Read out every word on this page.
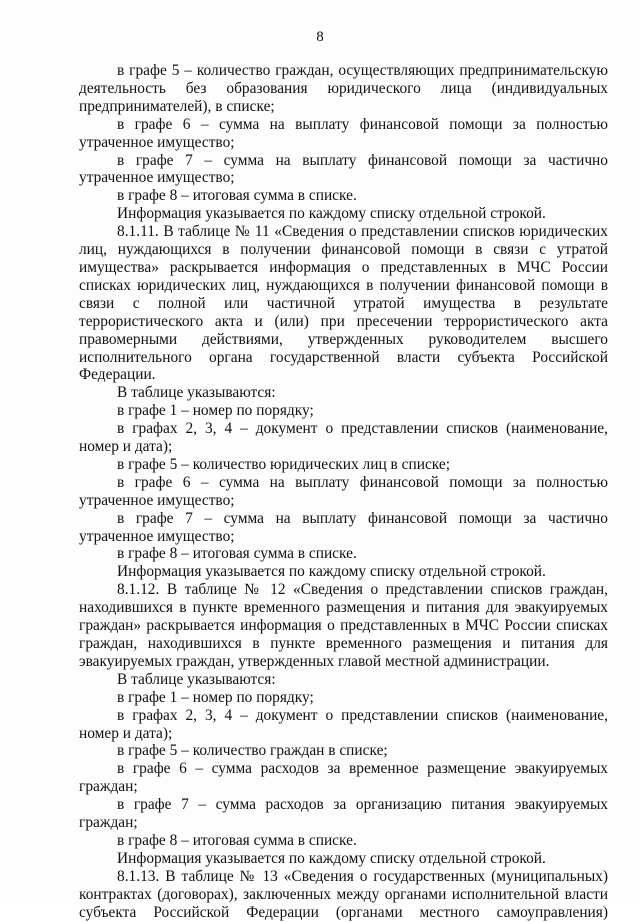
8

в графе 5 – количество граждан, осуществляющих предпринимательскую деятельность без образования юридического лица (индивидуальных предпринимателей), в списке;

в графе 6 – сумма на выплату финансовой помощи за полностью утраченное имущество;

в графе 7 – сумма на выплату финансовой помощи за частично утраченное имущество;

в графе 8 – итоговая сумма в списке.

Информация указывается по каждому списку отдельной строкой.

8.1.11. В таблице № 11 «Сведения о представлении списков юридических лиц, нуждающихся в получении финансовой помощи в связи с утратой имущества» раскрывается информация о представленных в МЧС России списках юридических лиц, нуждающихся в получении финансовой помощи в связи с полной или частичной утратой имущества в результате террористического акта и (или) при пресечении террористического акта правомерными действиями, утвержденных руководителем высшего исполнительного органа государственной власти субъекта Российской Федерации.

В таблице указываются:

в графе 1 – номер по порядку;

в графах 2, 3, 4 – документ о представлении списков (наименование, номер и дата);

в графе 5 – количество юридических лиц в списке;

в графе 6 – сумма на выплату финансовой помощи за полностью утраченное имущество;

в графе 7 – сумма на выплату финансовой помощи за частично утраченное имущество;

в графе 8 – итоговая сумма в списке.

Информация указывается по каждому списку отдельной строкой.

8.1.12. В таблице № 12 «Сведения о представлении списков граждан, находившихся в пункте временного размещения и питания для эвакуируемых граждан» раскрывается информация о представленных в МЧС России списках граждан, находившихся в пункте временного размещения и питания для эвакуируемых граждан, утвержденных главой местной администрации.

В таблице указываются:

в графе 1 – номер по порядку;

в графах 2, 3, 4 – документ о представлении списков (наименование, номер и дата);

в графе 5 – количество граждан в списке;

в графе 6 – сумма расходов за временное размещение эвакуируемых граждан;

в графе 7 – сумма расходов за организацию питания эвакуируемых граждан;

в графе 8 – итоговая сумма в списке.

Информация указывается по каждому списку отдельной строкой.

8.1.13. В таблице № 13 «Сведения о государственных (муниципальных) контрактах (договорах), заключенных между органами исполнительной власти субъекта Российской Федерации (органами местного самоуправления)
